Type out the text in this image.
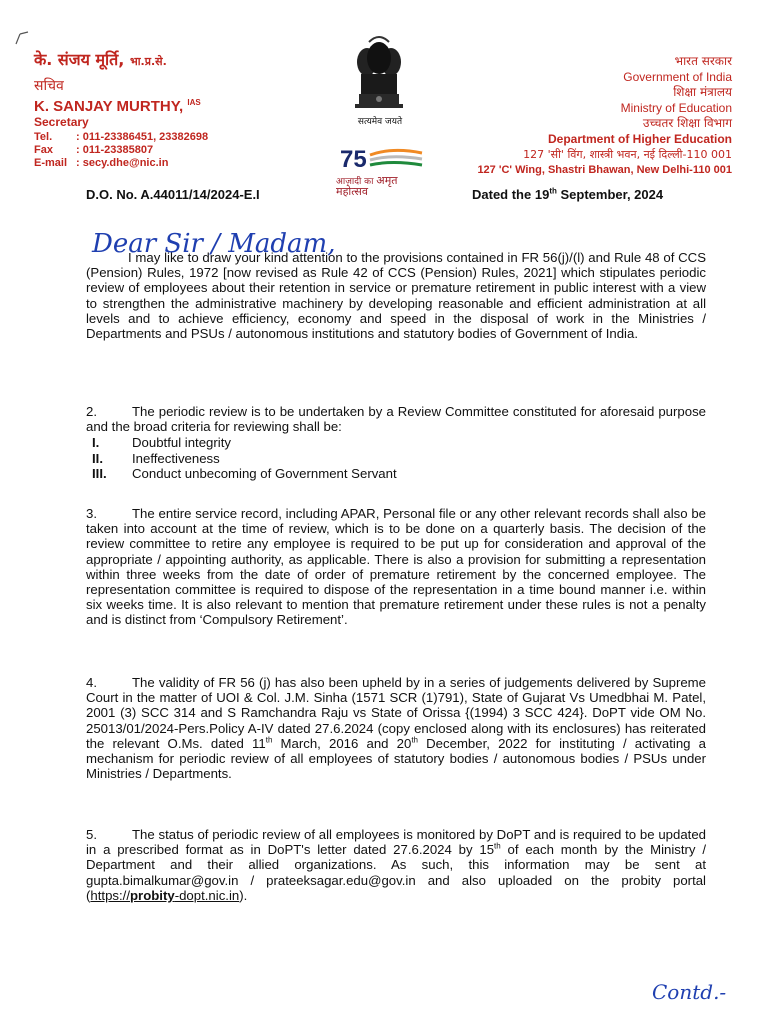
के. संजय मूर्ति, भा.प्र.से.
सचिव
K. SANJAY MURTHY, $^{IAS}$
Secretary
Tel. : 011-23386451, 23382698
Fax : 011-23385807
E-mail : secy.dhe@nic.in
सत्यमेव जयते
75
आज़ादी का अमृत महोत्सव
भारत सरकार
Government of India
शिक्षा मंत्रालय
Ministry of Education
उच्चतर शिक्षा विभाग
Department of Higher Education
127 'सी' विंग, शास्त्री भवन, नई दिल्ली-110 001
127 'C' Wing, Shastri Bhawan, New Delhi-110 001
D.O. No. A.44011/14/2024-E.I	Dated the 19th September, 2024
Dear Sir / Madam,
I may like to draw your kind attention to the provisions contained in FR 56(j)/(l) and Rule 48 of CCS (Pension) Rules, 1972 [now revised as Rule 42 of CCS (Pension) Rules, 2021] which stipulates periodic review of employees about their retention in service or premature retirement in public interest with a view to strengthen the administrative machinery by developing reasonable and efficient administration at all levels and to achieve efficiency, economy and speed in the disposal of work in the Ministries / Departments and PSUs / autonomous institutions and statutory bodies of Government of India.
2.	The periodic review is to be undertaken by a Review Committee constituted for aforesaid purpose and the broad criteria for reviewing shall be:
I.	Doubtful integrity
II.	Ineffectiveness
III.	Conduct unbecoming of Government Servant
3.	The entire service record, including APAR, Personal file or any other relevant records shall also be taken into account at the time of review, which is to be done on a quarterly basis. The decision of the review committee to retire any employee is required to be put up for consideration and approval of the appropriate / appointing authority, as applicable. There is also a provision for submitting a representation within three weeks from the date of order of premature retirement by the concerned employee. The representation committee is required to dispose of the representation in a time bound manner i.e. within six weeks time. It is also relevant to mention that premature retirement under these rules is not a penalty and is distinct from ‘Compulsory Retirement’.
4.	The validity of FR 56 (j) has also been upheld by in a series of judgements delivered by Supreme Court in the matter of UOI & Col. J.M. Sinha (1571 SCR (1)791), State of Gujarat Vs Umedbhai M. Patel, 2001 (3) SCC 314 and S Ramchandra Raju vs State of Orissa {(1994) 3 SCC 424}. DoPT vide OM No. 25013/01/2024-Pers.Policy A-IV dated 27.6.2024 (copy enclosed along with its enclosures) has reiterated the relevant O.Ms. dated 11th March, 2016 and 20th December, 2022 for instituting / activating a mechanism for periodic review of all employees of statutory bodies / autonomous bodies / PSUs under Ministries / Departments.
5.	The status of periodic review of all employees is monitored by DoPT and is required to be updated in a prescribed format as in DoPT's letter dated 27.6.2024 by 15th of each month by the Ministry / Department and their allied organizations. As such, this information may be sent at gupta.bimalkumar@gov.in / prateeksagar.edu@gov.in and also uploaded on the probity portal (https://probity-dopt.nic.in).
Contd.-
